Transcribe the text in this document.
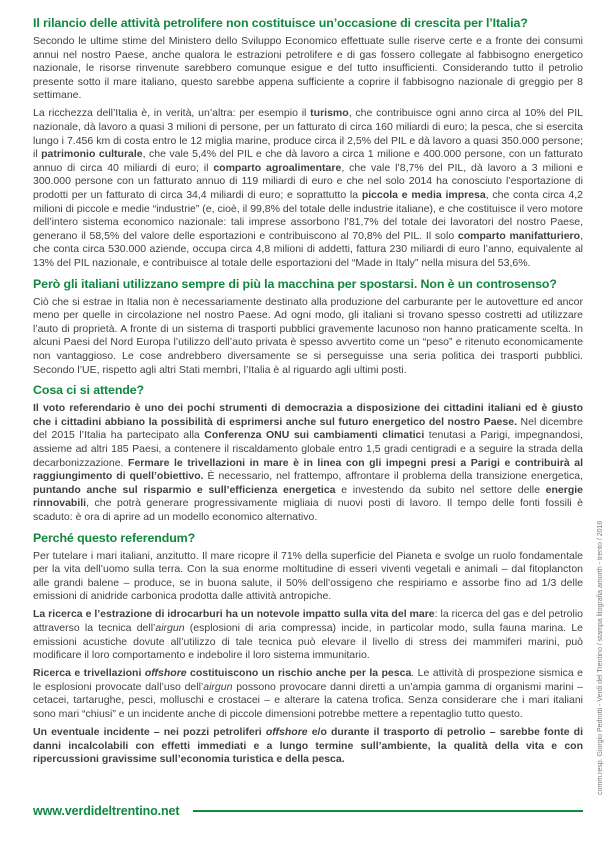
Il rilancio delle attività petrolifere non costituisce un’occasione di crescita per l’Italia?

Secondo le ultime stime del Ministero dello Sviluppo Economico effettuate sulle riserve certe e a fronte dei consumi annui nel nostro Paese, anche qualora le estrazioni petrolifere e di gas fossero collegate al fabbisogno energetico nazionale, le risorse rinvenute sarebbero comunque esigue e del tutto insufficienti. Considerando tutto il petrolio presente sotto il mare italiano, questo sarebbe appena sufficiente a coprire il fabbisogno nazionale di greggio per 8 settimane.

La ricchezza dell’Italia è, in verità, un’altra: per esempio il turismo, che contribuisce ogni anno circa al 10% del PIL nazionale, dà lavoro a quasi 3 milioni di persone, per un fatturato di circa 160 miliardi di euro; la pesca, che si esercita lungo i 7.456 km di costa entro le 12 miglia marine, produce circa il 2,5% del PIL e dà lavoro a quasi 350.000 persone; il patrimonio culturale, che vale 5,4% del PIL e che dà lavoro a circa 1 milione e 400.000 persone, con un fatturato annuo di circa 40 miliardi di euro; il comparto agroalimentare, che vale l’8,7% del PIL, dà lavoro a 3 milioni e 300.000 persone con un fatturato annuo di 119 miliardi di euro e che nel solo 2014 ha conosciuto l’esportazione di prodotti per un fatturato di circa 34,4 miliardi di euro; e soprattutto la piccola e media impresa, che conta circa 4,2 milioni di piccole e medie “industrie” (e, cioè, il 99,8% del totale delle industrie italiane), e che costituisce il vero motore dell’intero sistema economico nazionale: tali imprese assorbono l’81,7% del totale dei lavoratori del nostro Paese, generano il 58,5% del valore delle esportazioni e contribuiscono al 70,8% del PIL. Il solo comparto manifatturiero, che conta circa 530.000 aziende, occupa circa 4,8 milioni di addetti, fattura 230 miliardi di euro l’anno, equivalente al 13% del PIL nazionale, e contribuisce al totale delle esportazioni del “Made in Italy” nella misura del 53,6%.

Però gli italiani utilizzano sempre di più la macchina per spostarsi. Non è un controsenso?

Ciò che si estrae in Italia non è necessariamente destinato alla produzione del carburante per le autovetture ed ancor meno per quelle in circolazione nel nostro Paese. Ad ogni modo, gli italiani si trovano spesso costretti ad utilizzare l’auto di proprietà. A fronte di un sistema di trasporti pubblici gravemente lacunoso non hanno praticamente scelta. In alcuni Paesi del Nord Europa l’utilizzo dell’auto privata è spesso avvertito come un “peso” e ritenuto economicamente non vantaggioso. Le cose andrebbero diversamente se si perseguisse una seria politica dei trasporti pubblici. Secondo l’UE, rispetto agli altri Stati membri, l’Italia è al riguardo agli ultimi posti.

Cosa ci si attende?

Il voto referendario è uno dei pochi strumenti di democrazia a disposizione dei cittadini italiani ed è giusto che i cittadini abbiano la possibilità di esprimersi anche sul futuro energetico del nostro Paese. Nel dicembre del 2015 l’Italia ha partecipato alla Conferenza ONU sui cambiamenti climatici tenutasi a Parigi, impegnandosi, assieme ad altri 185 Paesi, a contenere il riscaldamento globale entro 1,5 gradi centigradi e a seguire la strada della decarbonizzazione. Fermare le trivellazioni in mare è in linea con gli impegni presi a Parigi e contribuirà al raggiungimento di quell’obiettivo. È necessario, nel frattempo, affrontare il problema della transizione energetica, puntando anche sul risparmio e sull’efficienza energetica e investendo da subito nel settore delle energie rinnovabili, che potrà generare progressivamente migliaia di nuovi posti di lavoro. Il tempo delle fonti fossili è scaduto: è ora di aprire ad un modello economico alternativo.

Perché questo referendum?

Per tutelare i mari italiani, anzitutto. Il mare ricopre il 71% della superficie del Pianeta e svolge un ruolo fondamentale per la vita dell’uomo sulla terra. Con la sua enorme moltitudine di esseri viventi vegetali e animali – dal fitoplancton alle grandi balene – produce, se in buona salute, il 50% dell’ossigeno che respiriamo e assorbe fino ad 1/3 delle emissioni di anidride carbonica prodotta dalle attività antropiche.

La ricerca e l’estrazione di idrocarburi ha un notevole impatto sulla vita del mare: la ricerca del gas e del petrolio attraverso la tecnica dell’airgun (esplosioni di aria compressa) incide, in particolar modo, sulla fauna marina. Le emissioni acustiche dovute all’utilizzo di tale tecnica può elevare il livello di stress dei mammiferi marini, può modificare il loro comportamento e indebolire il loro sistema immunitario.

Ricerca e trivellazioni offshore costituiscono un rischio anche per la pesca. Le attività di prospezione sismica e le esplosioni provocate dall’uso dell’airgun possono provocare danni diretti a un’ampia gamma di organismi marini – cetacei, tartarughe, pesci, molluschi e crostacei – e alterare la catena trofica. Senza considerare che i mari italiani sono mari “chiusi” e un incidente anche di piccole dimensioni potrebbe mettere a repentaglio tutto questo.

Un eventuale incidente – nei pozzi petroliferi offshore e/o durante il trasporto di petrolio – sarebbe fonte di danni incalcolabili con effetti immediati e a lungo termine sull’ambiente, la qualità della vita e con ripercussioni gravissime sull’economia turistica e della pesca.

www.verdideltrentino.net
comm.resp. Giorgio Pedrotti - Verdi del Trentino / stampa litografia amorth - trento / 2016
